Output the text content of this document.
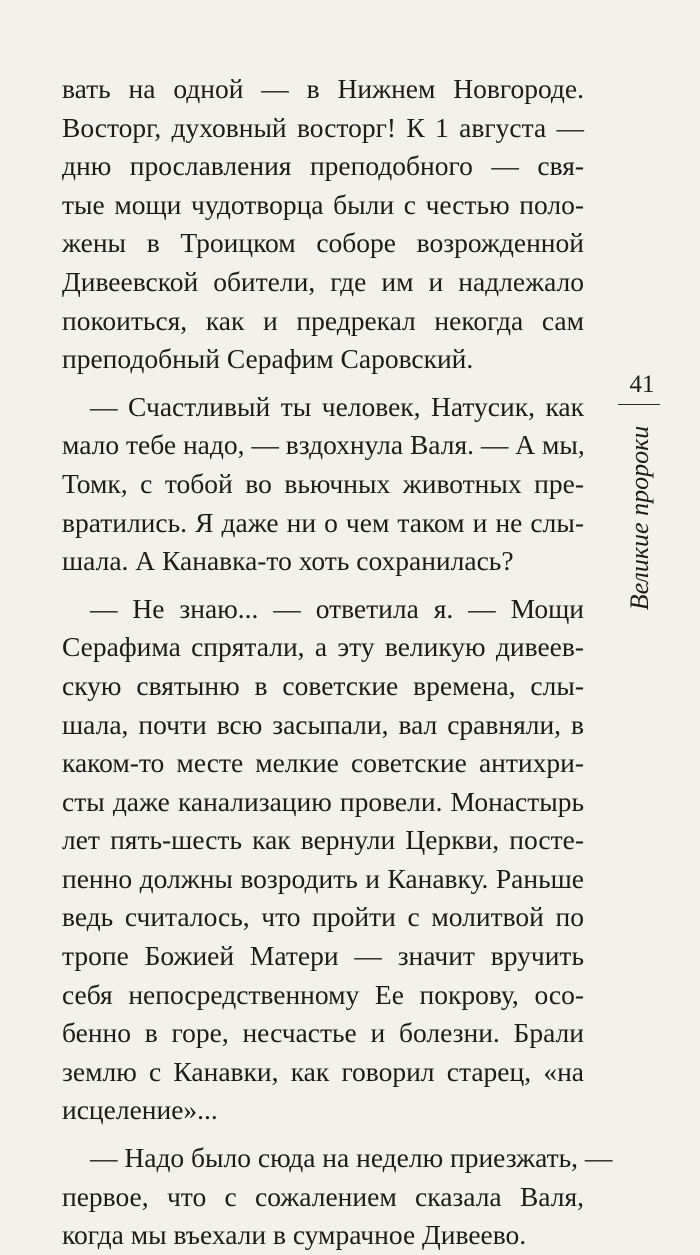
вать на одной — в Нижнем Новгороде.
Восторг, духовный восторг! К 1 августа —
дню прославления преподобного — свя-
тые мощи чудотворца были с честью поло-
жены в Троицком соборе возрожденной
Дивеевской обители, где им и надлежало
покоиться, как и предрекал некогда сам
преподобный Серафим Саровский.
— Счастливый ты человек, Натусик, как
мало тебе надо, — вздохнула Валя. — А мы,
Томк, с тобой во вьючных животных пре-
вратились. Я даже ни о чем таком и не слы-
шала. А Канавка-то хоть сохранилась?
— Не знаю... — ответила я. — Мощи
Серафима спрятали, а эту великую дивеев-
скую святыню в советские времена, слы-
шала, почти всю засыпали, вал сравняли, в
каком-то месте мелкие советские антихри-
сты даже канализацию провели. Монастырь
лет пять-шесть как вернули Церкви, посте-
пенно должны возродить и Канавку. Раньше
ведь считалось, что пройти с молитвой по
тропе Божией Матери — значит вручить
себя непосредственному Ее покрову, осо-
бенно в горе, несчастье и болезни. Брали
землю с Канавки, как говорил старец, «на
исцеление»...
— Надо было сюда на неделю приезжать, —
первое, что с сожалением сказала Валя,
когда мы въехали в сумрачное Дивеево.
41
Великие пророки
